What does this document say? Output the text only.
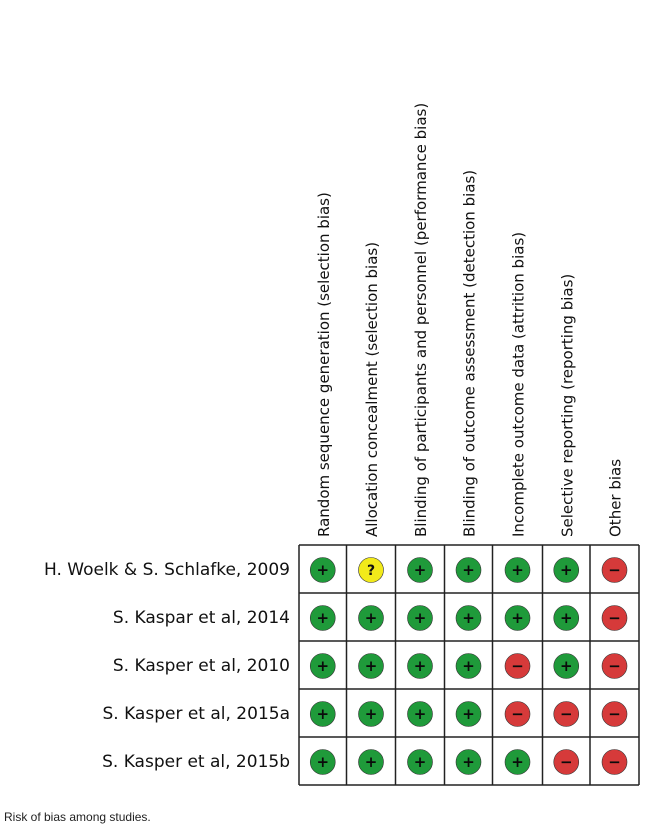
Random sequence generation (selection bias) Allocation concealment (selection bias) Blinding of participants and personnel (performance bias) Blinding of outcome assessment (detection bias) Incomplete outcome data (attrition bias) Selective reporting (reporting bias) Other bias
H. Woelk & S. Schlafke, 2009
S. Kaspar et al, 2014
S. Kasper et al, 2010
S. Kasper et al, 2015a
S. Kasper et al, 2015b
+	?	+ + + + −
+ + + + + + −
+ + + + − + −
+ + + + − − −
+ + + + + − −
Risk of bias among studies.
